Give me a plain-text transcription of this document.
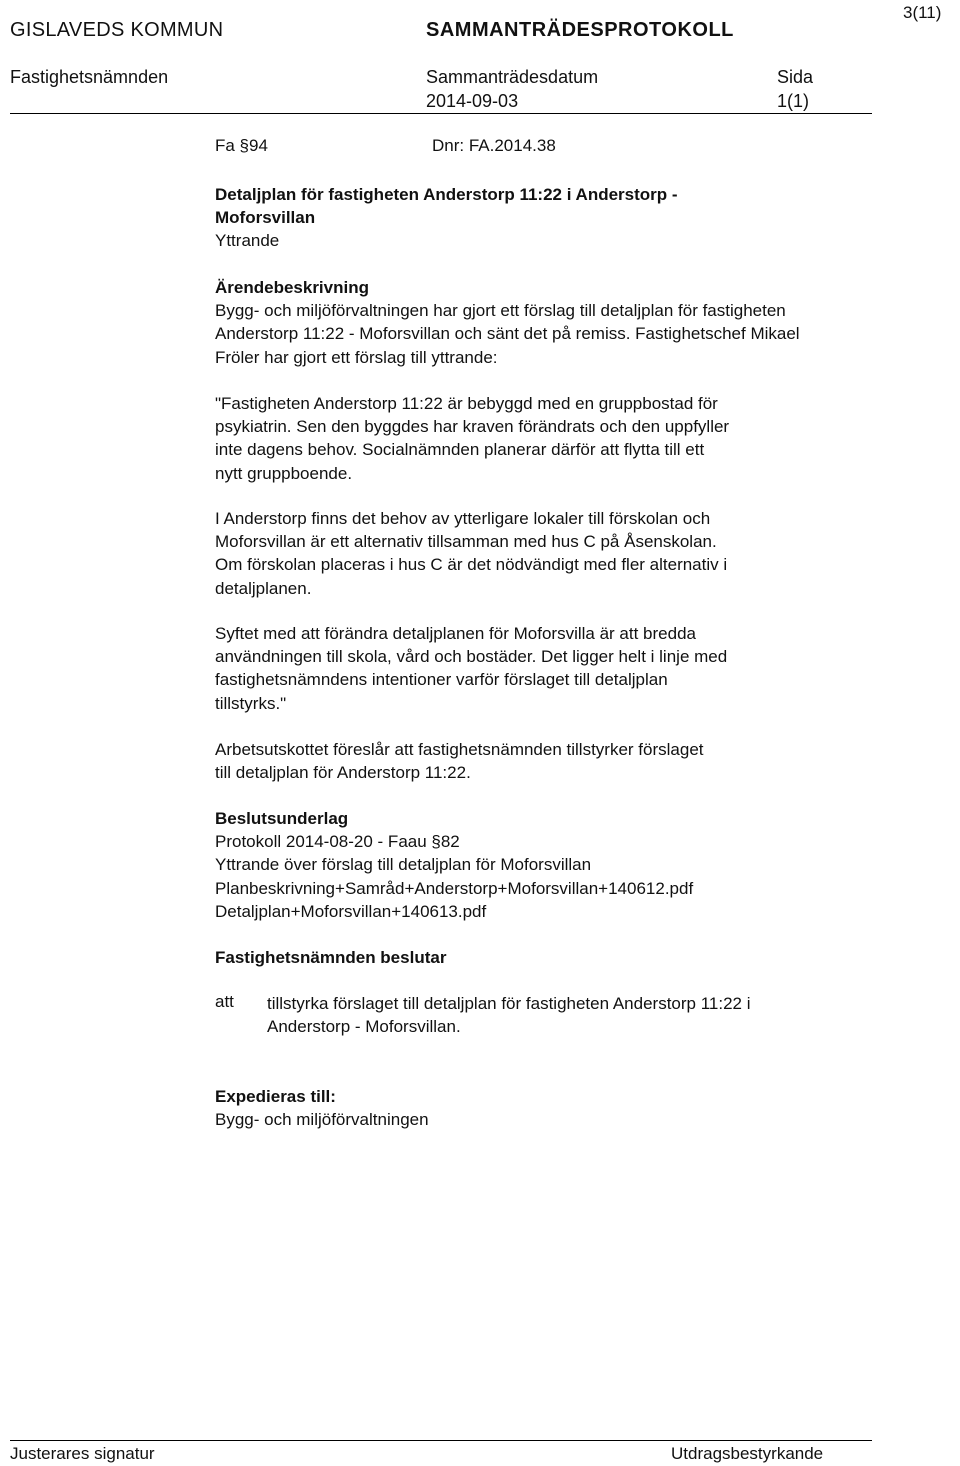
3(11)
GISLAVEDS KOMMUN	SAMMANTRÄDESPROTOKOLL
Fastighetsnämnden	Sammanträdesdatum	Sida
2014-09-03	1(1)
Fa §94	Dnr: FA.2014.38
Detaljplan för fastigheten Anderstorp 11:22 i Anderstorp -
Moforsvillan
Yttrande
Ärendebeskrivning
Bygg- och miljöförvaltningen har gjort ett förslag till detaljplan för fastigheten
Anderstorp 11:22 - Moforsvillan och sänt det på remiss. Fastighetschef Mikael
Fröler har gjort ett förslag till yttrande:
"Fastigheten Anderstorp 11:22 är bebyggd med en gruppbostad för
psykiatrin. Sen den byggdes har kraven förändrats och den uppfyller
inte dagens behov. Socialnämnden planerar därför att flytta till ett
nytt gruppboende.
I Anderstorp finns det behov av ytterligare lokaler till förskolan och
Moforsvillan är ett alternativ tillsamman med hus C på Åsenskolan.
Om förskolan placeras i hus C är det nödvändigt med fler alternativ i
detaljplanen.
Syftet med att förändra detaljplanen för Moforsvilla är att bredda
användningen till skola, vård och bostäder. Det ligger helt i linje med
fastighetsnämndens intentioner varför förslaget till detaljplan
tillstyrks."
Arbetsutskottet föreslår att fastighetsnämnden tillstyrker förslaget
till detaljplan för Anderstorp 11:22.
Beslutsunderlag
Protokoll 2014-08-20 - Faau §82
Yttrande över förslag till detaljplan för Moforsvillan
Planbeskrivning+Samråd+Anderstorp+Moforsvillan+140612.pdf
Detaljplan+Moforsvillan+140613.pdf
Fastighetsnämnden beslutar
att tillstyrka förslaget till detaljplan för fastigheten Anderstorp 11:22 i
Anderstorp - Moforsvillan.
Expedieras till:
Bygg- och miljöförvaltningen
Justerares signatur	Utdragsbestyrkande
